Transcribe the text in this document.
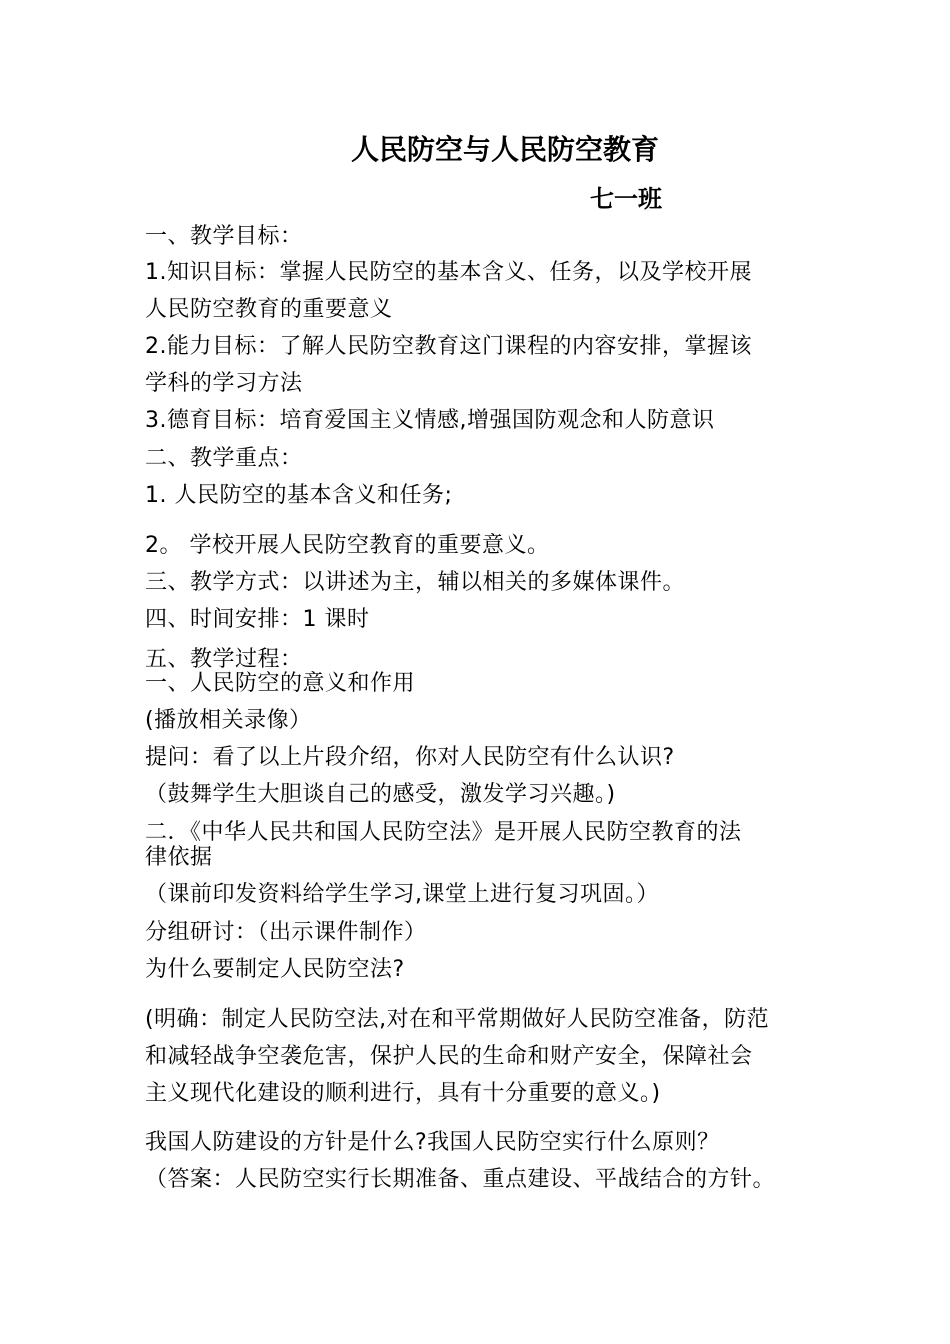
人民防空与人民防空教育
七一班

一、教学目标：

1.知识目标：掌握人民防空的基本含义、任务，以及学校开展

人民防空教育的重要意义

2.能力目标：了解人民防空教育这门课程的内容安排，掌握该

学科的学习方法

3.德育目标：培育爱国主义情感,增强国防观念和人防意识

二、教学重点：

1. 人民防空的基本含义和任务;

2。 学校开展人民防空教育的重要意义。

三、教学方式：以讲述为主，辅以相关的多媒体课件。

四、时间安排：1 课时

五、教学过程：

一、人民防空的意义和作用

(播放相关录像）

提问：看了以上片段介绍，你对人民防空有什么认识?

（鼓舞学生大胆谈自己的感受，激发学习兴趣。)

二．《中华人民共和国人民防空法》是开展人民防空教育的法

律依据

（课前印发资料给学生学习,课堂上进行复习巩固。）

分组研讨：（出示课件制作）

为什么要制定人民防空法?

(明确：制定人民防空法,对在和平常期做好人民防空准备，防范

和减轻战争空袭危害，保护人民的生命和财产安全，保障社会

主义现代化建设的顺利进行，具有十分重要的意义。)

我国人防建设的方针是什么?我国人民防空实行什么原则？

（答案：人民防空实行长期准备、重点建设、平战结合的方针。
